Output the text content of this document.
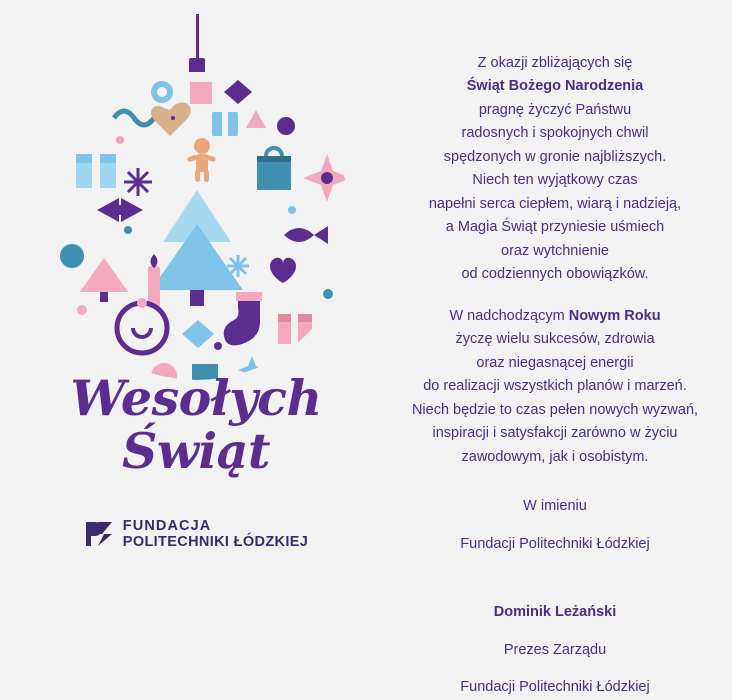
Wesołych
Świąt
FUNDACJA
POLITECHNIKI ŁÓDZKIEJ

Z okazji zbliżających się

Świąt Bożego Narodzenia

pragnę życzyć Państwu

radosnych i spokojnych chwil

spędzonych w gronie najbliższych.

Niech ten wyjątkowy czas

napełni serca ciepłem, wiarą i nadzieją,

a Magia Świąt przyniesie uśmiech

oraz wytchnienie

od codziennych obowiązków.

W nadchodzącym Nowym Roku

życzę wielu sukcesów, zdrowia

oraz niegasnącej energii

do realizacji wszystkich planów i marzeń.

Niech będzie to czas pełen nowych wyzwań,

inspiracji i satysfakcji zarówno w życiu

zawodowym, jak i osobistym.

W imieniu

Fundacji Politechniki Łódzkiej

Dominik Leżański

Prezes Zarządu

Fundacji Politechniki Łódzkiej
